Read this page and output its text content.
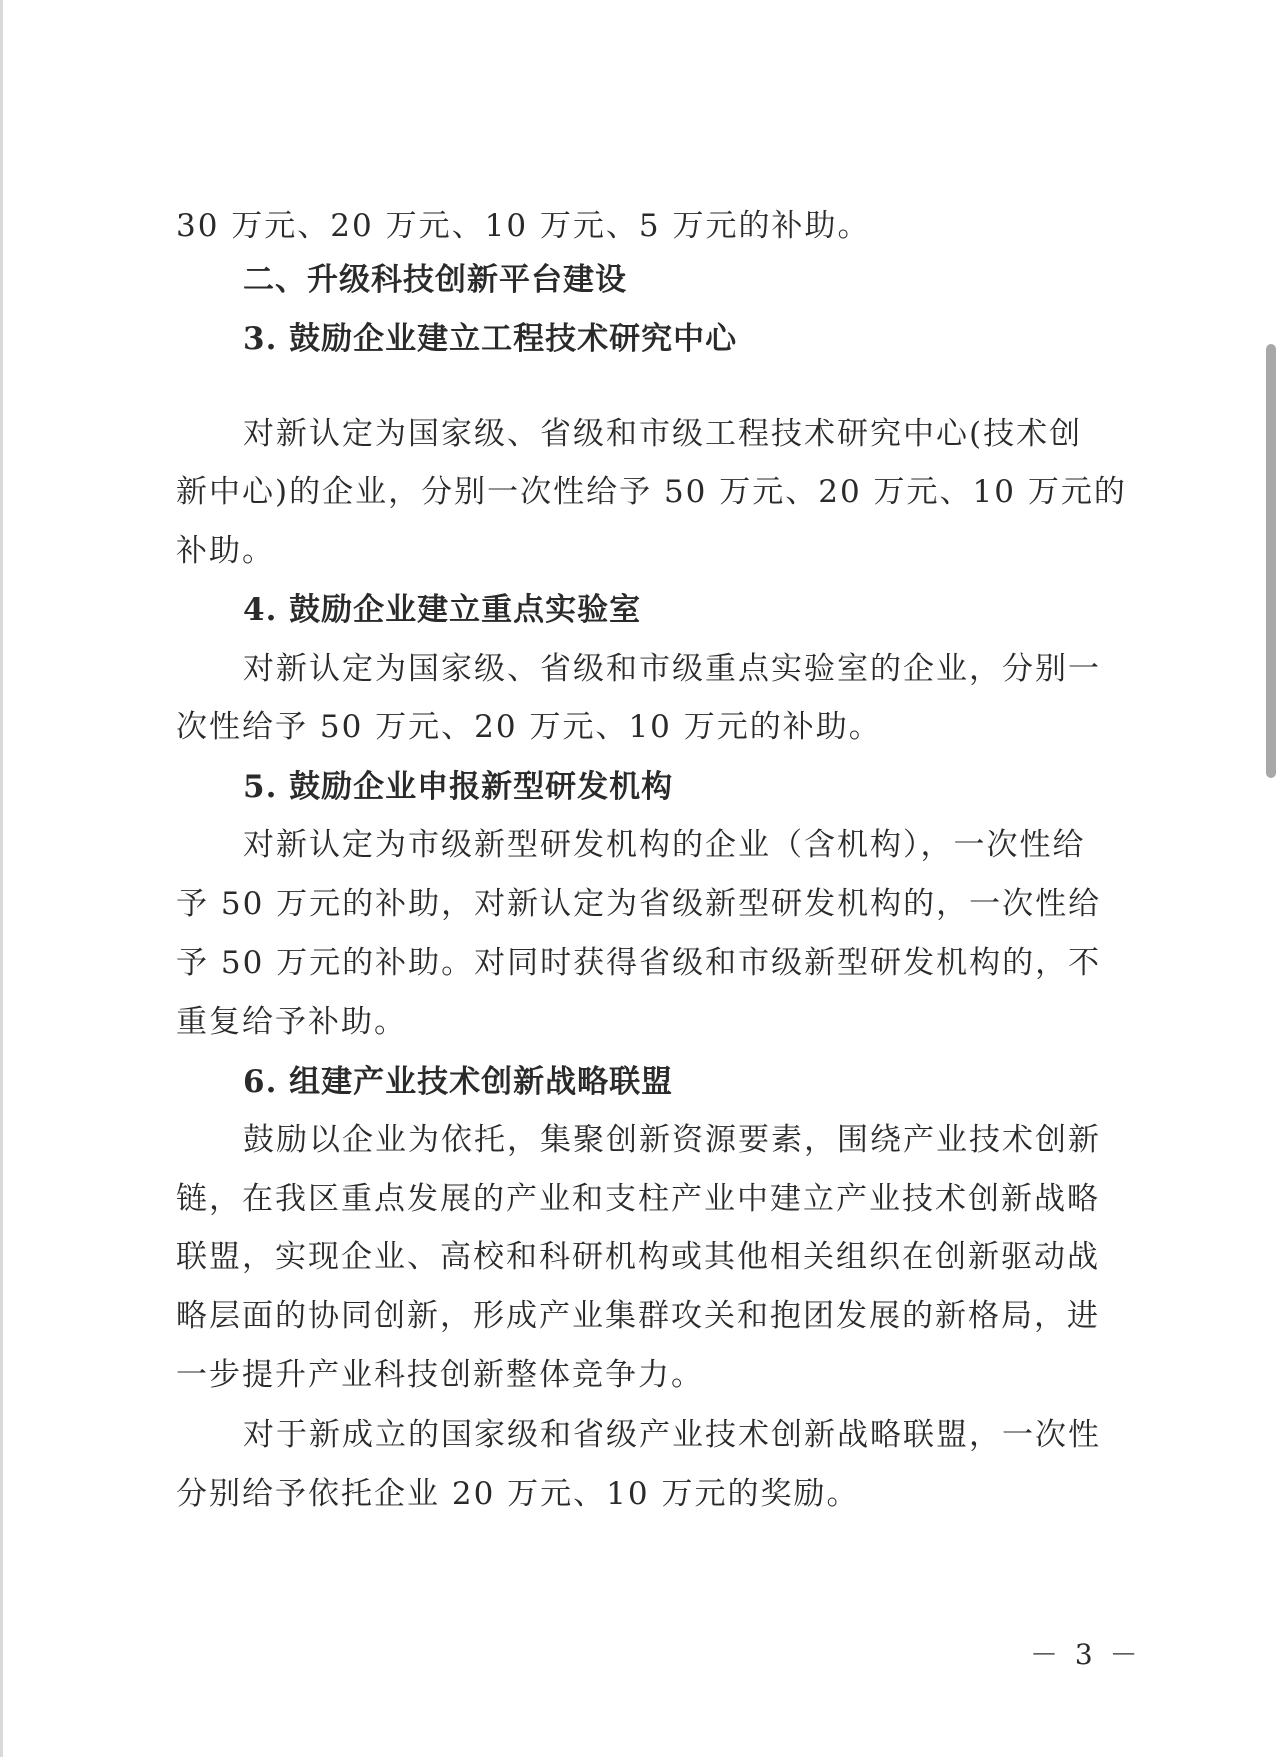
30 万元、20 万元、10 万元、5 万元的补助。
二、升级科技创新平台建设
3. 鼓励企业建立工程技术研究中心
对新认定为国家级、省级和市级工程技术研究中心(技术创
新中心)的企业，分别一次性给予 50 万元、20 万元、10 万元的
补助。
4. 鼓励企业建立重点实验室
对新认定为国家级、省级和市级重点实验室的企业，分别一
次性给予 50 万元、20 万元、10 万元的补助。
5. 鼓励企业申报新型研发机构
对新认定为市级新型研发机构的企业（含机构），一次性给
予 50 万元的补助，对新认定为省级新型研发机构的，一次性给
予 50 万元的补助。对同时获得省级和市级新型研发机构的，不
重复给予补助。
6. 组建产业技术创新战略联盟
鼓励以企业为依托，集聚创新资源要素，围绕产业技术创新
链，在我区重点发展的产业和支柱产业中建立产业技术创新战略
联盟，实现企业、高校和科研机构或其他相关组织在创新驱动战
略层面的协同创新，形成产业集群攻关和抱团发展的新格局，进
一步提升产业科技创新整体竞争力。
对于新成立的国家级和省级产业技术创新战略联盟，一次性
分别给予依托企业 20 万元、10 万元的奖励。
－ 3 －
